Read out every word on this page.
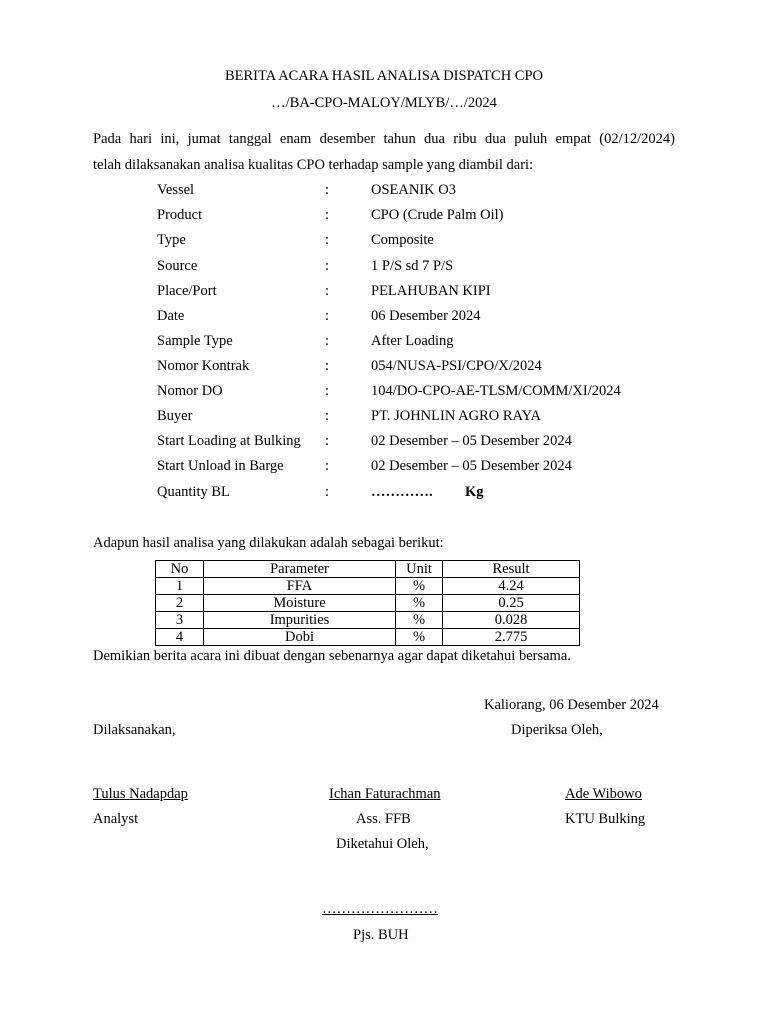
BERITA ACARA HASIL ANALISA DISPATCH CPO
…/BA-CPO-MALOY/MLYB/…/2024
Pada hari ini, jumat tanggal enam desember tahun dua ribu dua puluh empat (02/12/2024)
telah dilaksanakan analisa kualitas CPO terhadap sample yang diambil dari:
Vessel	:	OSEANIK O3
Product	:	CPO (Crude Palm Oil)
Type	:	Composite
Source	:	1 P/S sd 7 P/S
Place/Port	:	PELAHUBAN KIPI
Date	:	06 Desember 2024
Sample Type	:	After Loading
Nomor Kontrak	:	054/NUSA-PSI/CPO/X/2024
Nomor DO	:	104/DO-CPO-AE-TLSM/COMM/XI/2024
Buyer	:	PT. JOHNLIN AGRO RAYA
Start Loading at Bulking :	02 Desember – 05 Desember 2024
Start Unload in Barge	:	02 Desember – 05 Desember 2024
Quantity BL	:	…………. Kg
Adapun hasil analisa yang dilakukan adalah sebagai berikut:
No	Parameter	Unit	Result
1	FFA	%	4.24
2	Moisture	%	0.25
3	Impurities	%	0.028
4	Dobi	%	2.775
Demikian berita acara ini dibuat dengan sebenarnya agar dapat diketahui bersama.
Kaliorang, 06 Desember 2024
Dilaksanakan,	Diperiksa Oleh,
Tulus Nadapdap	Ichan Faturachman	Ade Wibowo
Analyst	Ass. FFB	KTU Bulking
Diketahui Oleh,
……………………
Pjs. BUH
